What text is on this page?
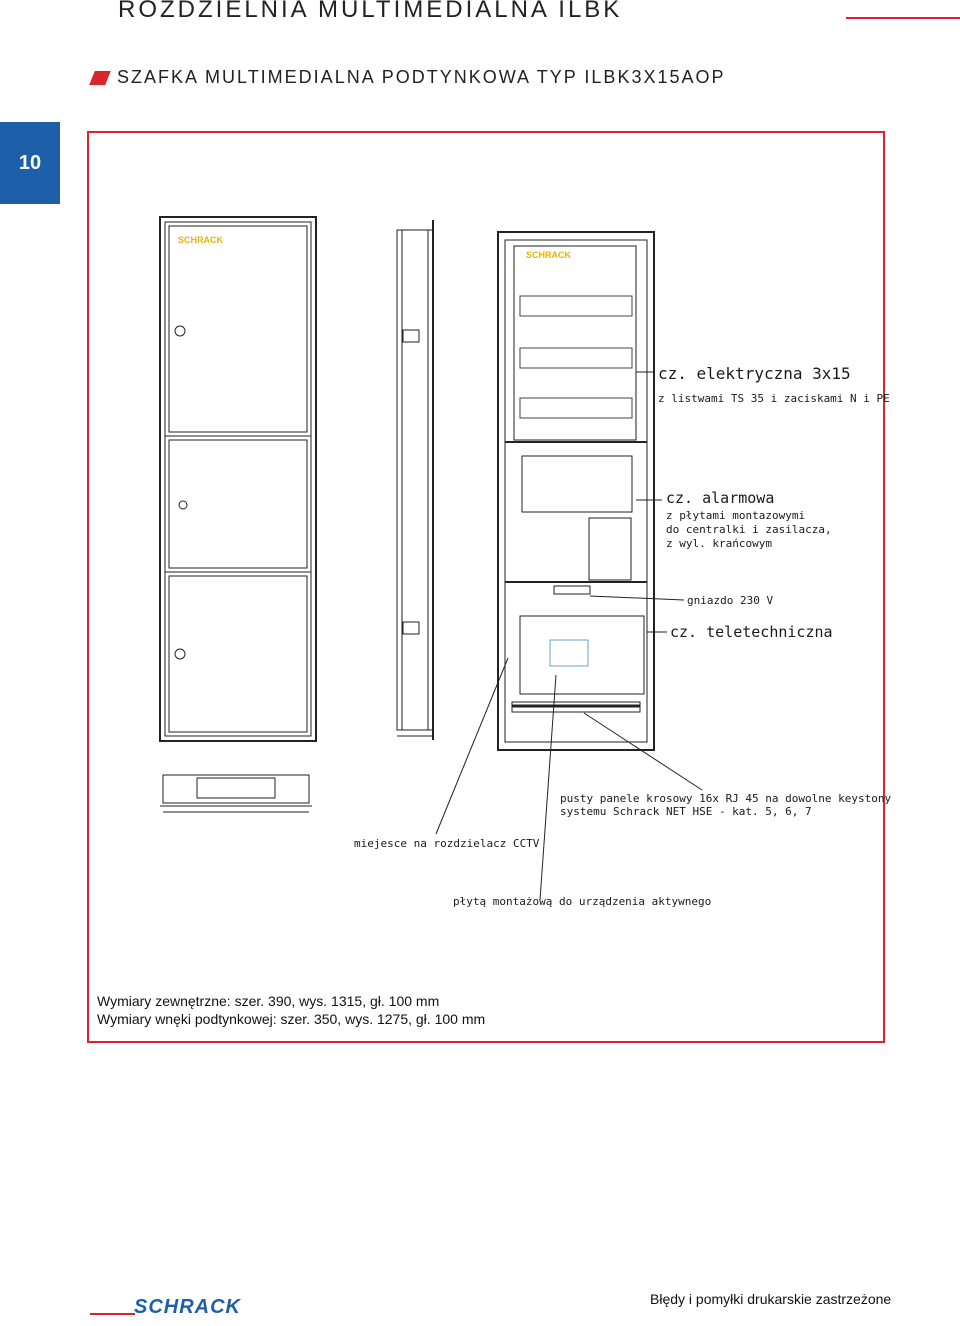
ROZDZIELNIA MULTIMEDIALNA ILBK
SZAFKA MULTIMEDIALNA PODTYNKOWA TYP ILBK3X15AOP
10
SCHRACK
SCHRACK
cz. elektryczna 3x15
z listwami TS 35 i zaciskami N i PE
cz. alarmowa
z płytami montazowymi
do centralki i zasilacza,
z wyl. krańcowym
gniazdo 230 V
cz. teletechniczna
pusty panele krosowy 16x RJ 45 na dowolne keystony
systemu Schrack NET HSE - kat. 5, 6, 7
miejesce na rozdzielacz CCTV
płytą montażową do urządzenia aktywnego
Wymiary zewnętrzne: szer. 390, wys. 1315, gł. 100 mm
Wymiary wnęki podtynkowej: szer. 350, wys. 1275, gł. 100 mm
SCHRACK	Błędy i pomyłki drukarskie zastrzeżone
